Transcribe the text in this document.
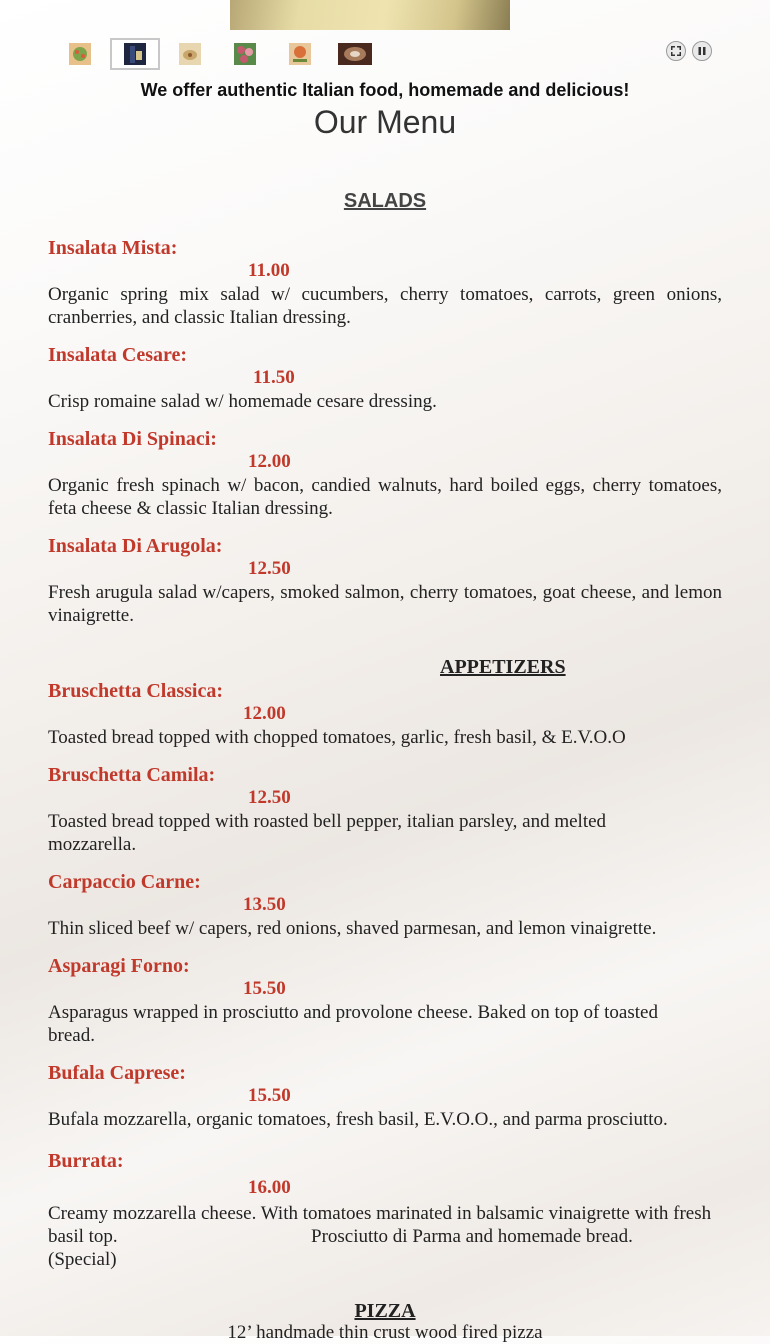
We offer authentic Italian food, homemade and delicious!
Our Menu
SALADS
Insalata Mista:
11.00
Organic spring mix salad w/ cucumbers, cherry tomatoes, carrots, green onions, cranberries, and classic Italian dressing.
Insalata Cesare:
11.50
Crisp romaine salad w/ homemade cesare dressing.
Insalata Di Spinaci:
12.00
Organic fresh spinach w/ bacon, candied walnuts, hard boiled eggs, cherry tomatoes, feta cheese & classic Italian dressing.
Insalata Di Arugola:
12.50
Fresh arugula salad w/capers, smoked salmon, cherry tomatoes, goat cheese, and lemon vinaigrette.
APPETIZERS
Bruschetta Classica:
12.00
Toasted bread topped with chopped tomatoes, garlic, fresh basil, & E.V.O.O
Bruschetta Camila:
12.50
Toasted bread topped with roasted bell pepper, italian parsley, and melted mozzarella.
Carpaccio Carne:
13.50
Thin sliced beef w/ capers, red onions, shaved parmesan, and lemon vinaigrette.
Asparagi Forno:
15.50
Asparagus wrapped in prosciutto and provolone cheese. Baked on top of toasted bread.
Bufala Caprese:
15.50
Bufala mozzarella, organic tomatoes, fresh basil, E.V.O.O., and parma prosciutto.
Burrata:
16.00
Creamy mozzarella cheese. With tomatoes marinated in balsamic vinaigrette with fresh basil top.	Prosciutto di Parma and homemade bread.
(Special)
PIZZA
12’ handmade thin crust wood fired pizza
